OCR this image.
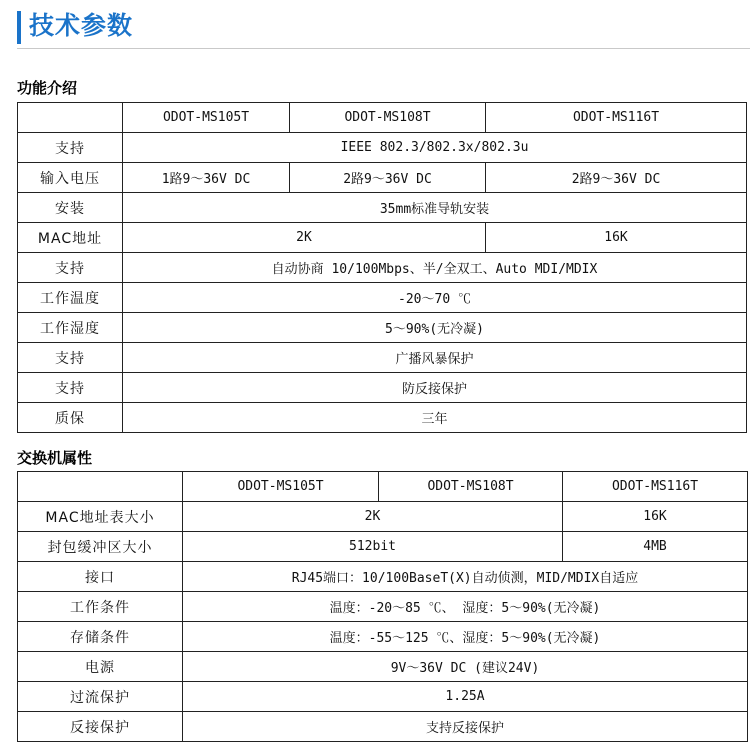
技术参数
功能介绍
	ODOT-MS105T	ODOT-MS108T	ODOT-MS116T
支持	IEEE 802.3/802.3x/802.3u		
输入电压	1路9～36V DC	2路9～36V DC	2路9～36V DC
安装	35mm标准导轨安装		
MAC地址	2K		16K
支持	自动协商 10/100Mbps、半/全双工、Auto MDI/MDIX		
工作温度	-20～70 ℃		
工作湿度	5～90%(无冷凝)		
支持	广播风暴保护		
支持	防反接保护		
质保	三年		
交换机属性
	ODOT-MS105T	ODOT-MS108T	ODOT-MS116T
MAC地址表大小	2K		16K
封包缓冲区大小	512bit		4MB
接口	RJ45端口：10/100BaseT(X)自动侦测，MID/MDIX自适应		
工作条件	温度：-20～85 ℃、 湿度：5～90%(无冷凝)		
存储条件	温度：-55～125 ℃、湿度：5～90%(无冷凝)		
电源	9V～36V DC (建议24V)		
过流保护	1.25A		
反接保护	支持反接保护		
